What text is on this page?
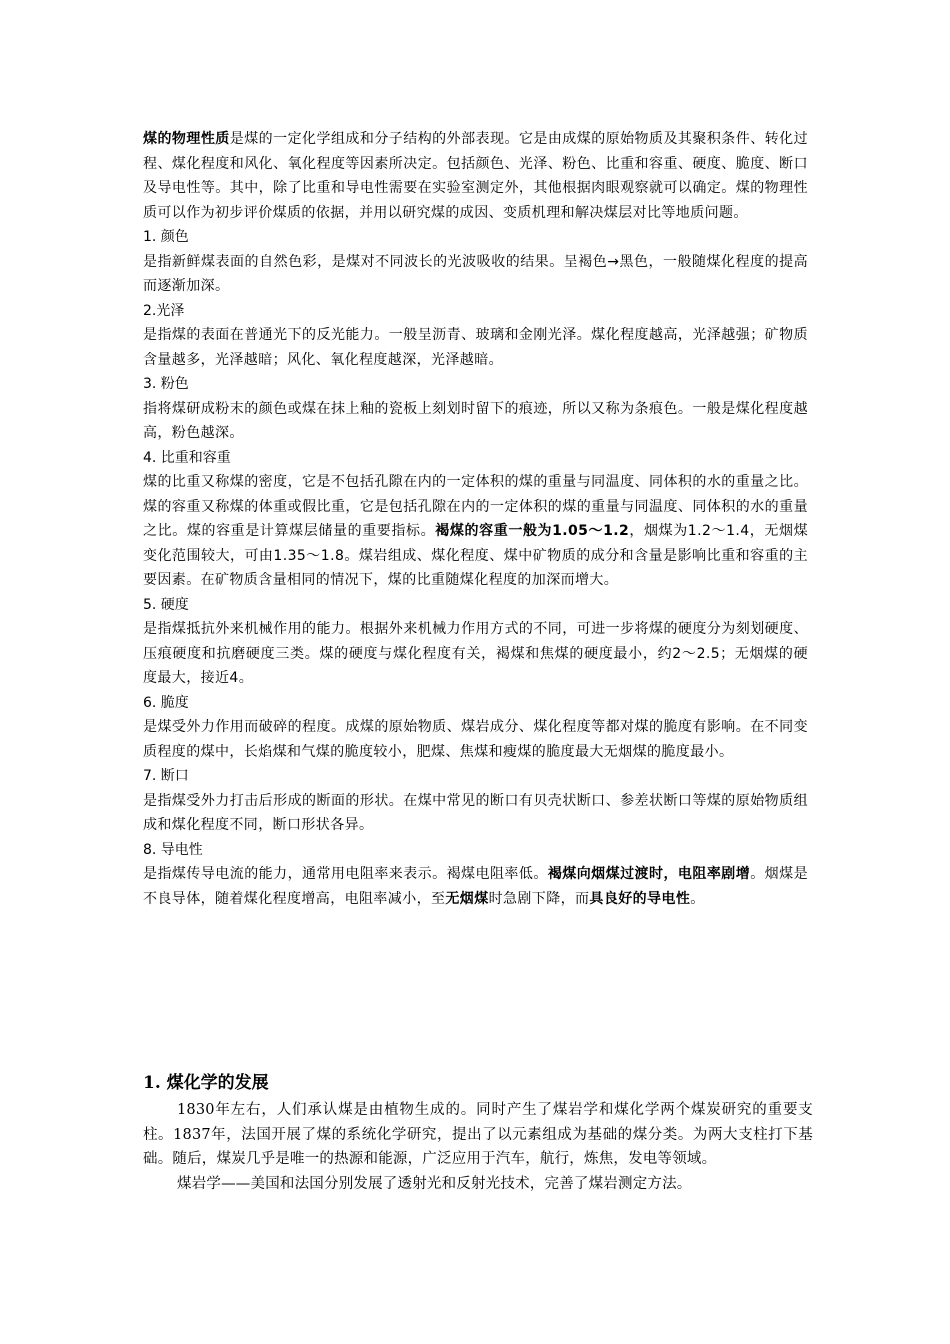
煤的物理性质是煤的一定化学组成和分子结构的外部表现。它是由成煤的原始物质及其聚积条件、转化过程、煤化程度和风化、氧化程度等因素所决定。包括颜色、光泽、粉色、比重和容重、硬度、脆度、断口及导电性等。其中，除了比重和导电性需要在实验室测定外，其他根据肉眼观察就可以确定。煤的物理性质可以作为初步评价煤质的依据，并用以研究煤的成因、变质机理和解决煤层对比等地质问题。

1. 颜色

是指新鲜煤表面的自然色彩，是煤对不同波长的光波吸收的结果。呈褐色→黑色，一般随煤化程度的提高而逐渐加深。

2.光泽

是指煤的表面在普通光下的反光能力。一般呈沥青、玻璃和金刚光泽。煤化程度越高，光泽越强；矿物质含量越多，光泽越暗；风化、氧化程度越深，光泽越暗。

3. 粉色

指将煤研成粉末的颜色或煤在抹上釉的瓷板上刻划时留下的痕迹，所以又称为条痕色。一般是煤化程度越高，粉色越深。

4. 比重和容重

煤的比重又称煤的密度，它是不包括孔隙在内的一定体积的煤的重量与同温度、同体积的水的重量之比。煤的容重又称煤的体重或假比重，它是包括孔隙在内的一定体积的煤的重量与同温度、同体积的水的重量之比。煤的容重是计算煤层储量的重要指标。褐煤的容重一般为1.05～1.2，烟煤为1.2～1.4，无烟煤变化范围较大，可由1.35～1.8。煤岩组成、煤化程度、煤中矿物质的成分和含量是影响比重和容重的主要因素。在矿物质含量相同的情况下，煤的比重随煤化程度的加深而增大。

5. 硬度

是指煤抵抗外来机械作用的能力。根据外来机械力作用方式的不同，可进一步将煤的硬度分为刻划硬度、压痕硬度和抗磨硬度三类。煤的硬度与煤化程度有关，褐煤和焦煤的硬度最小，约2～2.5；无烟煤的硬度最大，接近4。

6. 脆度

是煤受外力作用而破碎的程度。成煤的原始物质、煤岩成分、煤化程度等都对煤的脆度有影响。在不同变质程度的煤中，长焰煤和气煤的脆度较小，肥煤、焦煤和瘦煤的脆度最大无烟煤的脆度最小。

7. 断口

是指煤受外力打击后形成的断面的形状。在煤中常见的断口有贝壳状断口、参差状断口等煤的原始物质组成和煤化程度不同，断口形状各异。

8. 导电性

是指煤传导电流的能力，通常用电阻率来表示。褐煤电阻率低。褐煤向烟煤过渡时，电阻率剧增。烟煤是不良导体，随着煤化程度增高，电阻率减小，至无烟煤时急剧下降，而具良好的导电性。

1. 煤化学的发展

1830年左右，人们承认煤是由植物生成的。同时产生了煤岩学和煤化学两个煤炭研究的重要支柱。1837年，法国开展了煤的系统化学研究，提出了以元素组成为基础的煤分类。为两大支柱打下基础。随后，煤炭几乎是唯一的热源和能源，广泛应用于汽车，航行，炼焦，发电等领域。

煤岩学——美国和法国分别发展了透射光和反射光技术，完善了煤岩测定方法。
